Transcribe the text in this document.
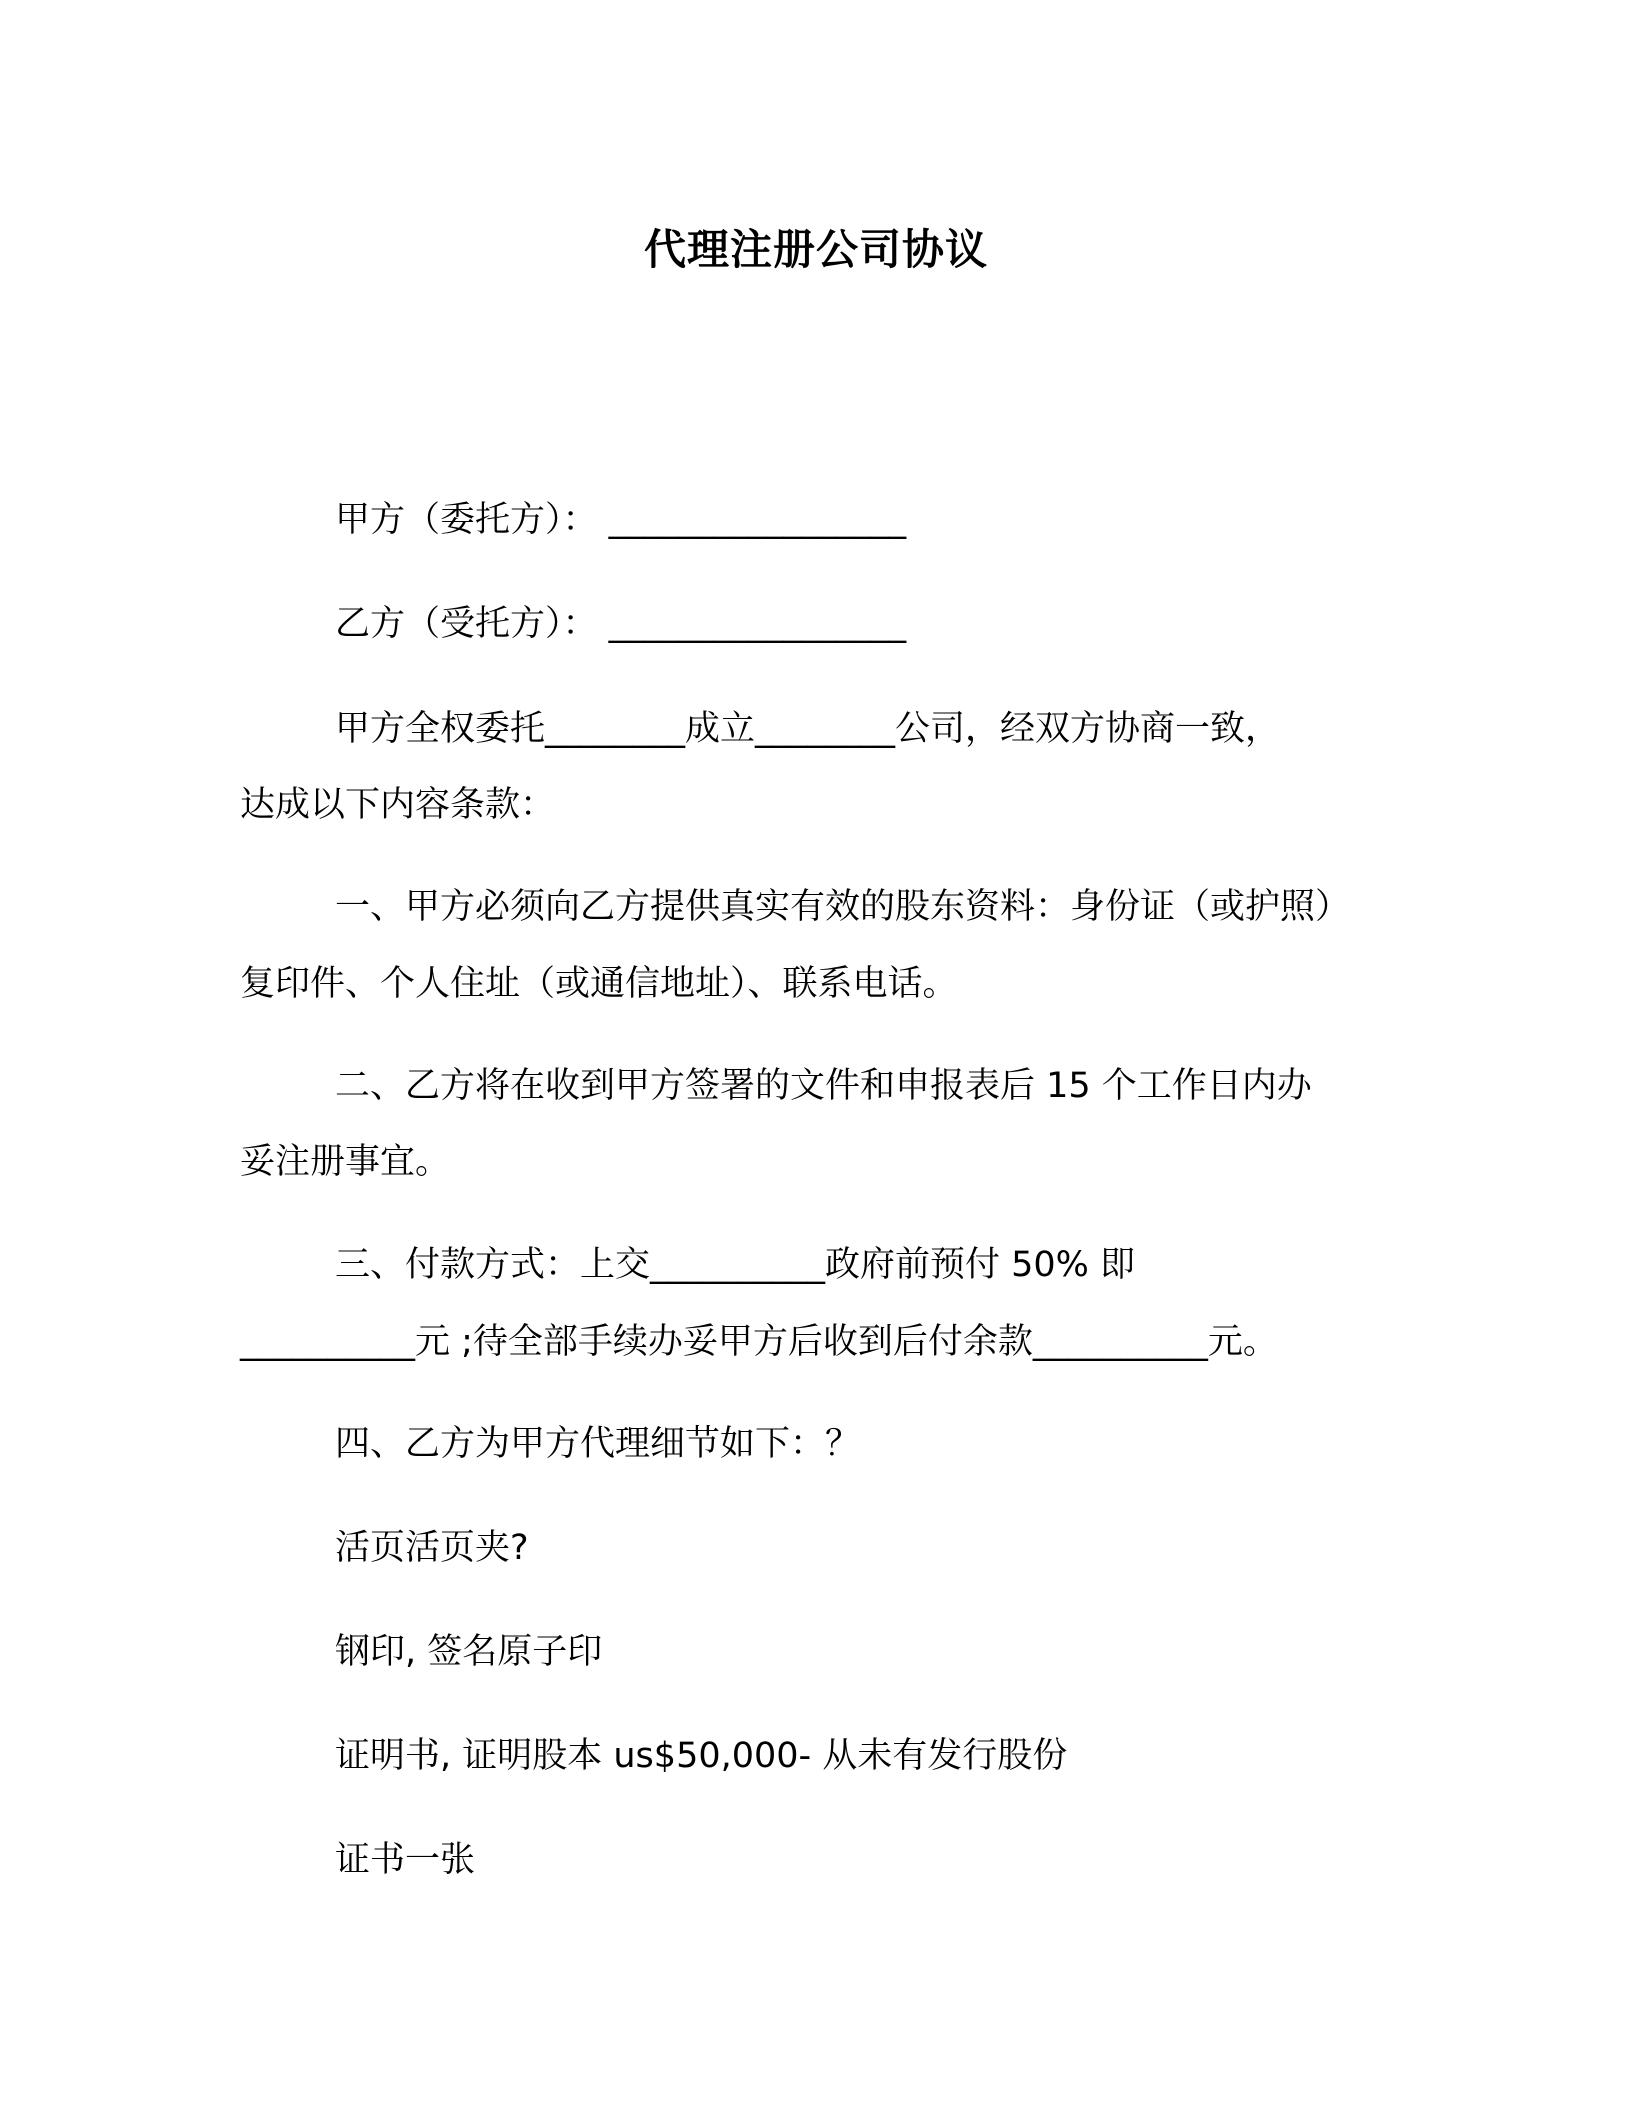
代理注册公司协议
甲方（委托方）： _________________
乙方（受托方）： _________________
甲方全权委托________成立________公司，经双方协商一致，
达成以下内容条款：
一、甲方必须向乙方提供真实有效的股东资料：身份证（或护照）
复印件、个人住址（或通信地址）、联系电话。
二、乙方将在收到甲方签署的文件和申报表后 15 个工作日内办
妥注册事宜。
三、付款方式：上交__________政府前预付 50% 即
__________元 ;待全部手续办妥甲方后收到后付余款__________元。
四、乙方为甲方代理细节如下：？
活页活页夹?
钢印, 签名原子印
证明书, 证明股本 us$50,000- 从未有发行股份
证书一张
